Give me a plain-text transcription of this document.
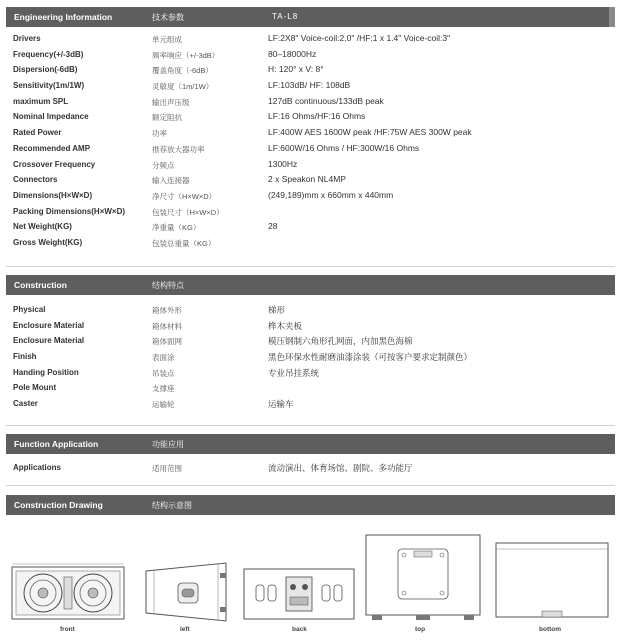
Engineering Information	技术参数	TA-L8
Drivers	单元组成	LF:2X8" Voice-coil:2.0" /HF:1 x 1.4" Voice-coil:3"
Frequency(+/-3dB)	频率响应（+/-3dB）	80–18000Hz
Dispersion(-6dB)	覆盖角度（-6dB）	H: 120° x V: 8°
Sensitivity(1m/1W)	灵敏度（1m/1W）	LF:103dB/ HF: 108dB
maximum SPL	输出声压级	127dB continuous/133dB peak
Nominal Impedance	额定阻抗	LF:16 Ohms/HF:16 Ohms
Rated Power	功率	LF:400W AES 1600W peak /HF:75W AES 300W peak
Recommended AMP	推荐放大器功率	LF:600W/16 Ohms / HF:300W/16 Ohms
Crossover Frequency	分频点	1300Hz
Connectors	输入连接器	2 x Speakon NL4MP
Dimensions(H×W×D)	净尺寸（H×W×D）	(249,189)mm x 660mm x 440mm
Packing Dimensions(H×W×D)	包装尺寸（H×W×D）
Net Weight(KG)	净重量（KG）	28
Gross Weight(KG)	包装总重量（KG）
Construction	结构特点
Physical	箱体外形	梯形
Enclosure Material	箱体材料	桦木夹板
Enclosure Material	箱体面网	模压钢制六角形孔网面，内加黑色海棉
Finish	表面涂	黑色环保水性耐磨油漆涂装（可按客户要求定制颜色）
Handing Position	吊装点	专业吊挂系统
Pole Mount	支撑座
Caster	运输轮	运输车
Function Application	功能应用
Applications	适用范围	流动演出、体育场馆、剧院、多功能厅
Construction Drawing	结构示意图
front	left	back	top	bottom
